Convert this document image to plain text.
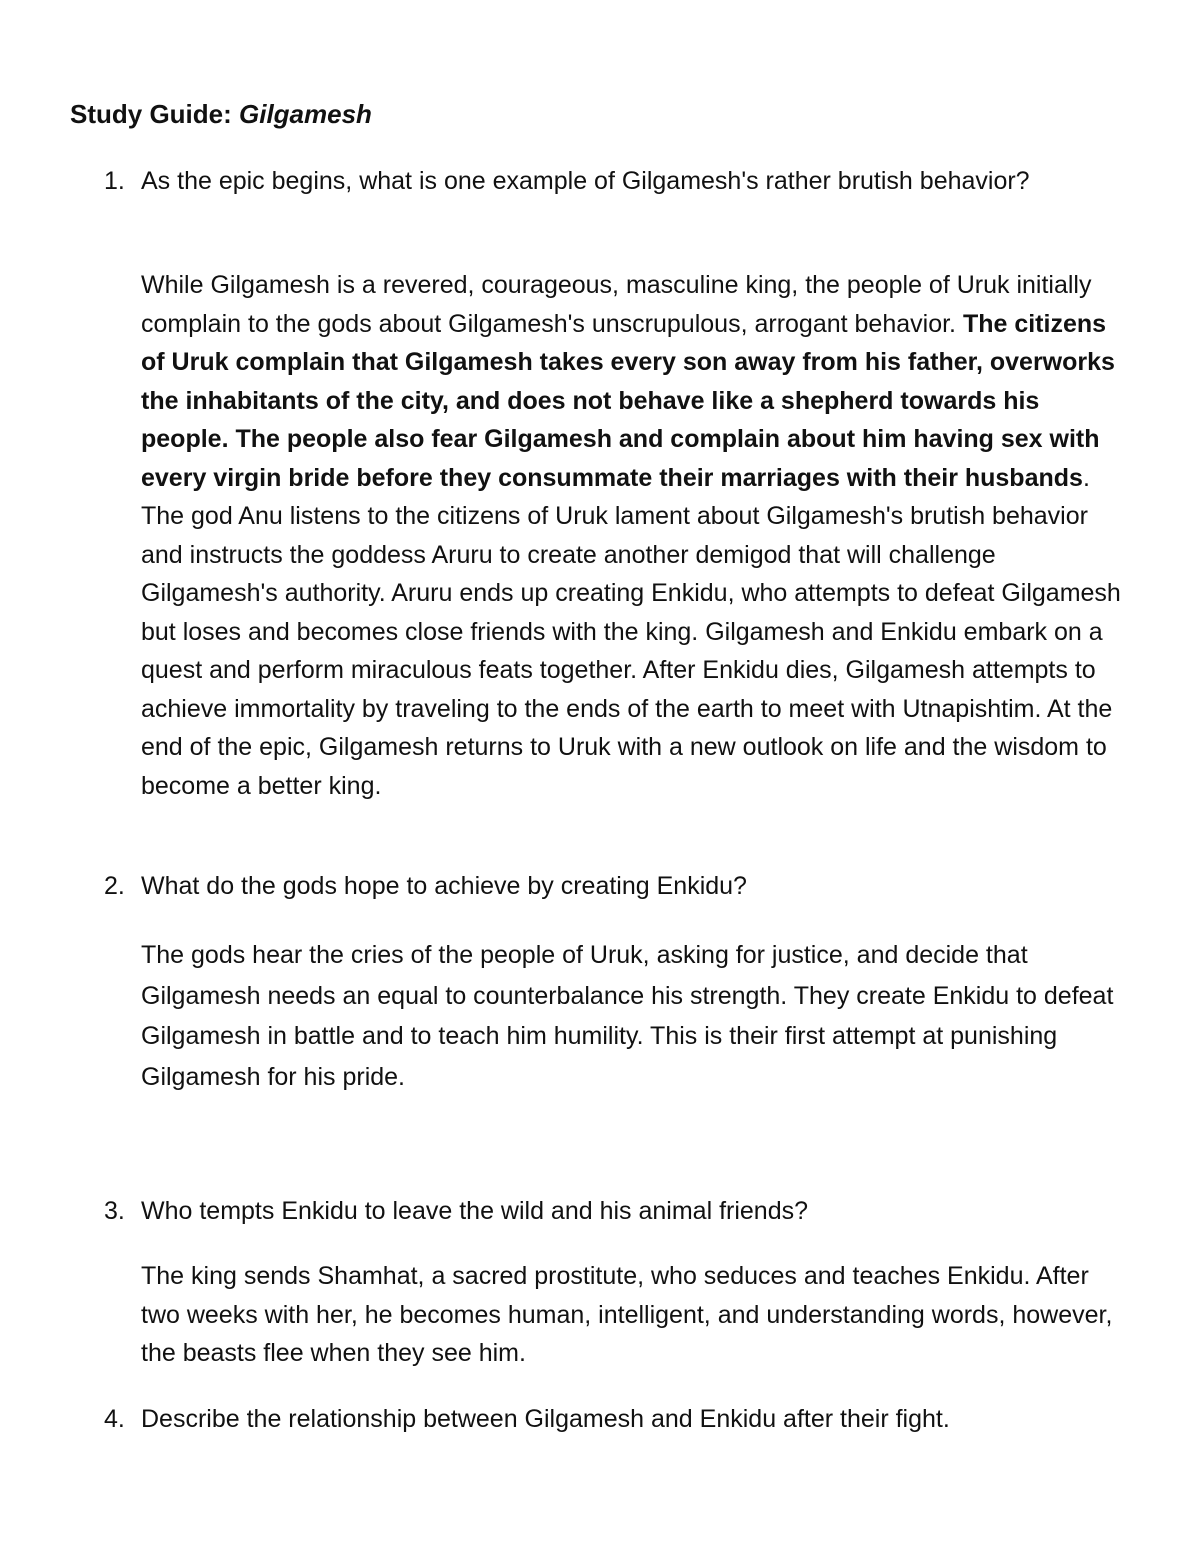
Study Guide: Gilgamesh
1. As the epic begins, what is one example of Gilgamesh's rather brutish behavior?
While Gilgamesh is a revered, courageous, masculine king, the people of Uruk initially complain to the gods about Gilgamesh's unscrupulous, arrogant behavior. The citizens of Uruk complain that Gilgamesh takes every son away from his father, overworks the inhabitants of the city, and does not behave like a shepherd towards his people. The people also fear Gilgamesh and complain about him having sex with every virgin bride before they consummate their marriages with their husbands. The god Anu listens to the citizens of Uruk lament about Gilgamesh's brutish behavior and instructs the goddess Aruru to create another demigod that will challenge Gilgamesh's authority. Aruru ends up creating Enkidu, who attempts to defeat Gilgamesh but loses and becomes close friends with the king. Gilgamesh and Enkidu embark on a quest and perform miraculous feats together. After Enkidu dies, Gilgamesh attempts to achieve immortality by traveling to the ends of the earth to meet with Utnapishtim. At the end of the epic, Gilgamesh returns to Uruk with a new outlook on life and the wisdom to become a better king.
2. What do the gods hope to achieve by creating Enkidu?
The gods hear the cries of the people of Uruk, asking for justice, and decide that Gilgamesh needs an equal to counterbalance his strength. They create Enkidu to defeat Gilgamesh in battle and to teach him humility. This is their first attempt at punishing Gilgamesh for his pride.
3. Who tempts Enkidu to leave the wild and his animal friends?
The king sends Shamhat, a sacred prostitute, who seduces and teaches Enkidu. After two weeks with her, he becomes human, intelligent, and understanding words, however, the beasts flee when they see him.
4. Describe the relationship between Gilgamesh and Enkidu after their fight.
